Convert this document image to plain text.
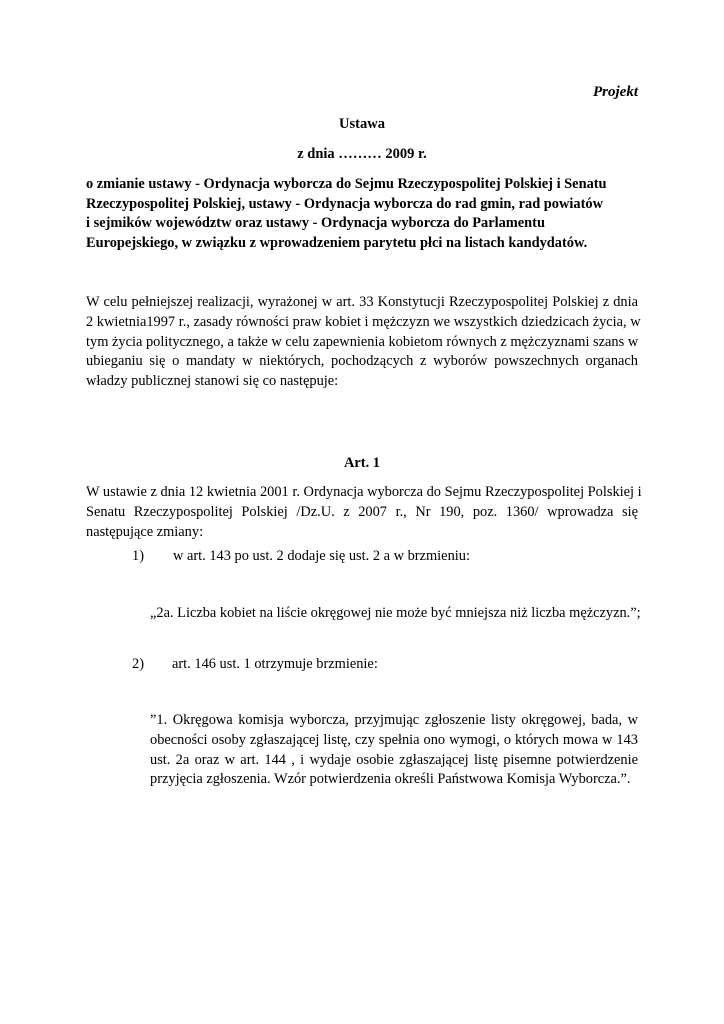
Projekt
Ustawa
z dnia ……… 2009 r.
o zmianie ustawy - Ordynacja wyborcza do Sejmu Rzeczypospolitej Polskiej i Senatu
Rzeczypospolitej Polskiej, ustawy - Ordynacja wyborcza do rad gmin, rad powiatów
i sejmików województw oraz ustawy - Ordynacja wyborcza do Parlamentu
Europejskiego, w związku z wprowadzeniem parytetu płci na listach kandydatów.
W celu pełniejszej realizacji, wyrażonej w art. 33 Konstytucji Rzeczypospolitej Polskiej z dnia
2 kwietnia1997 r., zasady równości praw kobiet i mężczyzn we wszystkich dziedzicach życia, w
tym życia politycznego, a także w celu zapewnienia kobietom równych z mężczyznami szans w
ubieganiu się o mandaty w niektórych, pochodzących z wyborów powszechnych organach
władzy publicznej stanowi się co następuje:
Art. 1
W ustawie z dnia 12 kwietnia 2001 r. Ordynacja wyborcza do Sejmu Rzeczypospolitej Polskiej i
Senatu Rzeczypospolitej Polskiej /Dz.U. z 2007 r., Nr 190, poz. 1360/ wprowadza się
następujące zmiany:
1) w art. 143 po ust. 2 dodaje się ust. 2 a w brzmieniu:
„2a. Liczba kobiet na liście okręgowej nie może być mniejsza niż liczba mężczyzn.”;
2) art. 146 ust. 1 otrzymuje brzmienie:
”1. Okręgowa komisja wyborcza, przyjmując zgłoszenie listy okręgowej, bada, w
obecności osoby zgłaszającej listę, czy spełnia ono wymogi, o których mowa w 143
ust. 2a oraz w art. 144 , i wydaje osobie zgłaszającej listę pisemne potwierdzenie
przyjęcia zgłoszenia. Wzór potwierdzenia określi Państwowa Komisja Wyborcza.”.
